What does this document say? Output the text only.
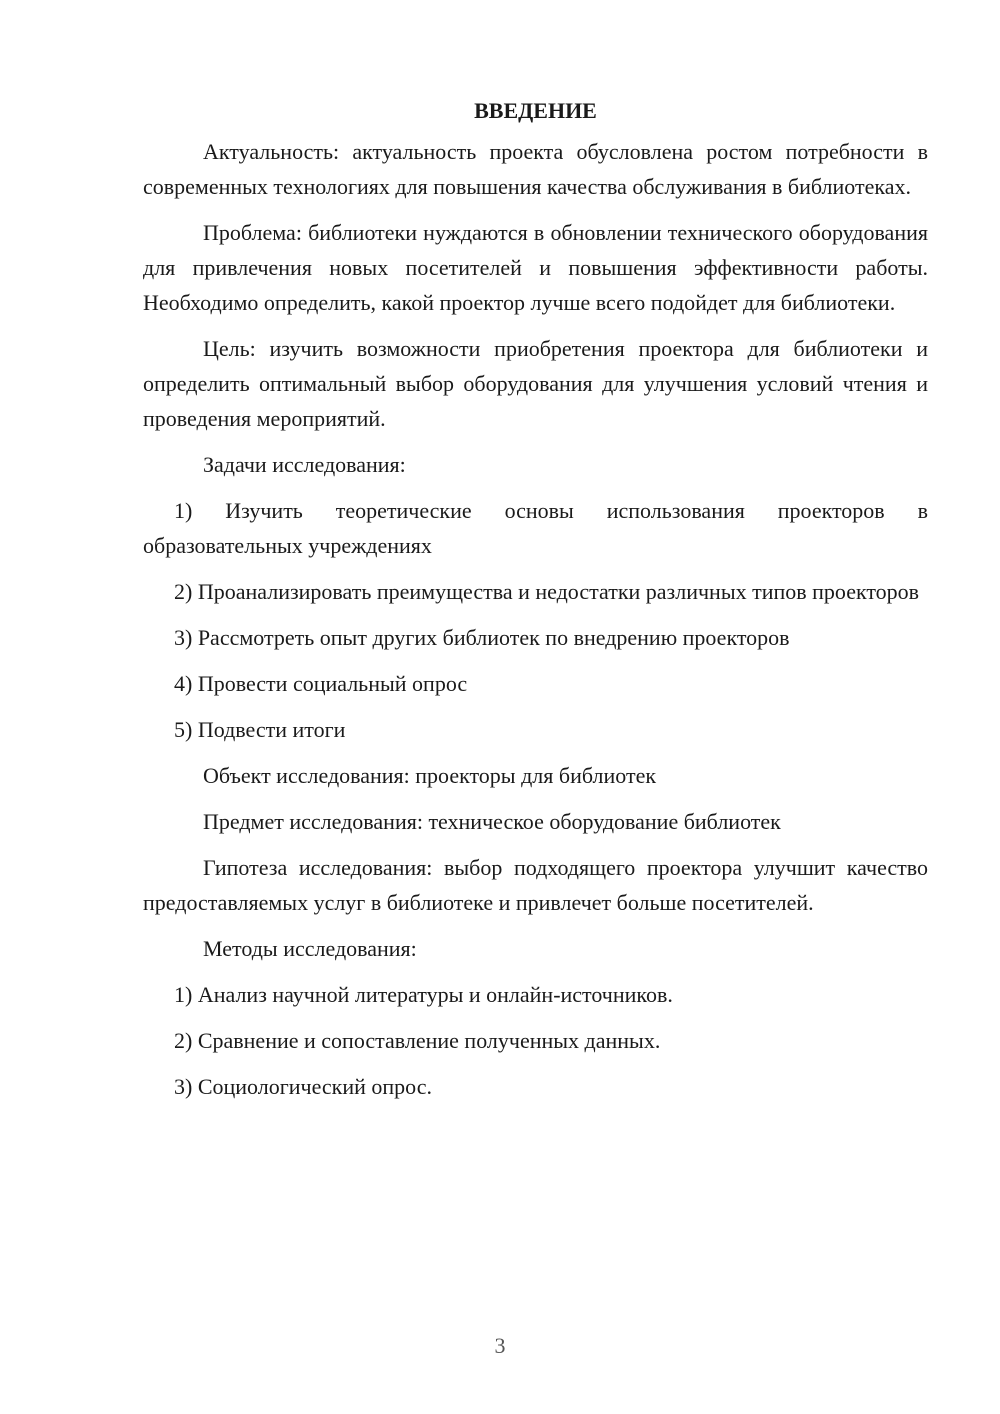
ВВЕДЕНИЕ

Актуальность: актуальность проекта обусловлена ростом потребности в современных технологиях для повышения качества обслуживания в библиотеках.

Проблема: библиотеки нуждаются в обновлении технического оборудования для привлечения новых посетителей и повышения эффективности работы. Необходимо определить, какой проектор лучше всего подойдет для библиотеки.

Цель: изучить возможности приобретения проектора для библиотеки и определить оптимальный выбор оборудования для улучшения условий чтения и проведения мероприятий.

Задачи исследования:

1) Изучить теоретические основы использования проекторов в образовательных учреждениях

2) Проанализировать преимущества и недостатки различных типов проекторов

3) Рассмотреть опыт других библиотек по внедрению проекторов

4) Провести социальный опрос

5) Подвести итоги

Объект исследования: проекторы для библиотек

Предмет исследования: техническое оборудование библиотек

Гипотеза исследования: выбор подходящего проектора улучшит качество предоставляемых услуг в библиотеке и привлечет больше посетителей.

Методы исследования:

1) Анализ научной литературы и онлайн-источников.

2) Сравнение и сопоставление полученных данных.

3) Социологический опрос.

3
